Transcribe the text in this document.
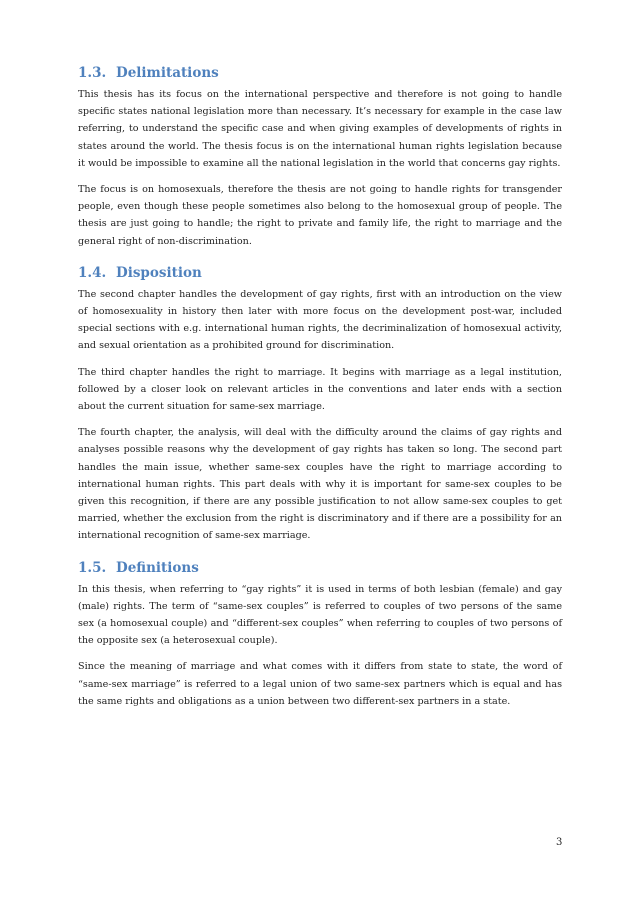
1.3. Delimitations

This thesis has its focus on the international perspective and therefore is not going to handle specific states national legislation more than necessary. It’s necessary for example in the case law referring, to understand the specific case and when giving examples of developments of rights in states around the world. The thesis focus is on the international human rights legislation because it would be impossible to examine all the national legislation in the world that concerns gay rights.

The focus is on homosexuals, therefore the thesis are not going to handle rights for transgender people, even though these people sometimes also belong to the homosexual group of people. The thesis are just going to handle; the right to private and family life, the right to marriage and the general right of non-discrimination.

1.4. Disposition

The second chapter handles the development of gay rights, first with an introduction on the view of homosexuality in history then later with more focus on the development post-war, included special sections with e.g. international human rights, the decriminalization of homosexual activity, and sexual orientation as a prohibited ground for discrimination.

The third chapter handles the right to marriage. It begins with marriage as a legal institution, followed by a closer look on relevant articles in the conventions and later ends with a section about the current situation for same-sex marriage.

The fourth chapter, the analysis, will deal with the difficulty around the claims of gay rights and analyses possible reasons why the development of gay rights has taken so long. The second part handles the main issue, whether same-sex couples have the right to marriage according to international human rights. This part deals with why it is important for same-sex couples to be given this recognition, if there are any possible justification to not allow same-sex couples to get married, whether the exclusion from the right is discriminatory and if there are a possibility for an international recognition of same-sex marriage.

1.5. Definitions

In this thesis, when referring to “gay rights” it is used in terms of both lesbian (female) and gay (male) rights. The term of “same-sex couples” is referred to couples of two persons of the same sex (a homosexual couple) and “different-sex couples” when referring to couples of two persons of the opposite sex (a heterosexual couple).

Since the meaning of marriage and what comes with it differs from state to state, the word of “same-sex marriage” is referred to a legal union of two same-sex partners which is equal and has the same rights and obligations as a union between two different-sex partners in a state.

3
